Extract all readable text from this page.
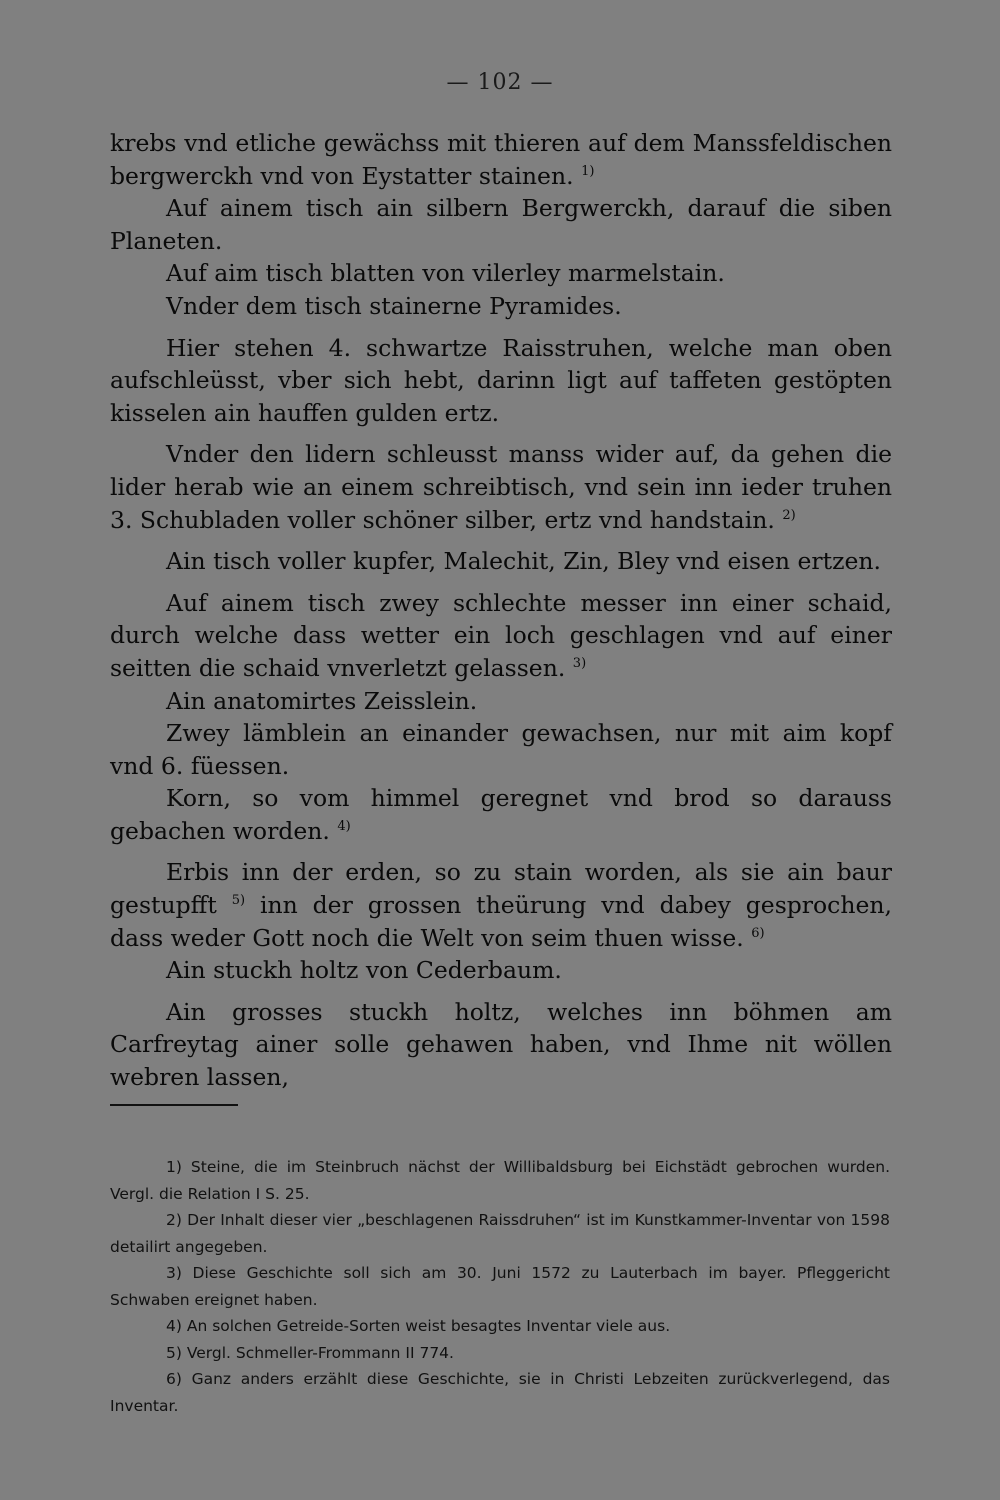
— 102 —

krebs vnd etliche gewächss mit thieren auf dem Manssfeldischen bergwerckh vnd von Eystatter stainen. $^{1)}$

Auf ainem tisch ain silbern Bergwerckh, darauf die siben Planeten.

Auf aim tisch blatten von vilerley marmelstain.

Vnder dem tisch stainerne Pyramides.

Hier stehen 4. schwartze Raisstruhen, welche man oben aufschleüsst, vber sich hebt, darinn ligt auf taffeten gestöpten kisselen ain hauffen gulden ertz.

Vnder den lidern schleusst manss wider auf, da gehen die lider herab wie an einem schreibtisch, vnd sein inn ieder truhen 3. Schubladen voller schöner silber, ertz vnd handstain. $^{2)}$

Ain tisch voller kupfer, Malechit, Zin, Bley vnd eisen ertzen.

Auf ainem tisch zwey schlechte messer inn einer schaid, durch welche dass wetter ein loch geschlagen vnd auf einer seitten die schaid vnverletzt gelassen. $^{3)}$

Ain anatomirtes Zeisslein.

Zwey lämblein an einander gewachsen, nur mit aim kopf vnd 6. füessen.

Korn, so vom himmel geregnet vnd brod so darauss gebachen worden. $^{4)}$

Erbis inn der erden, so zu stain worden, als sie ain baur gestupfft $^{5)}$ inn der grossen theürung vnd dabey gesprochen, dass weder Gott noch die Welt von seim thuen wisse. $^{6)}$

Ain stuckh holtz von Cederbaum.

Ain grosses stuckh holtz, welches inn böhmen am Carfreytag ainer solle gehawen haben, vnd Ihme nit wöllen webren lassen,

1) Steine, die im Steinbruch nächst der Willibaldsburg bei Eichstädt gebrochen wurden. Vergl. die Relation I S. 25.

2) Der Inhalt dieser vier „beschlagenen Raissdruhen“ ist im Kunstkammer-Inventar von 1598 detailirt angegeben.

3) Diese Geschichte soll sich am 30. Juni 1572 zu Lauterbach im bayer. Pfleggericht Schwaben ereignet haben.

4) An solchen Getreide-Sorten weist besagtes Inventar viele aus.

5) Vergl. Schmeller-Frommann II 774.

6) Ganz anders erzählt diese Geschichte, sie in Christi Lebzeiten zurückverlegend, das Inventar.
